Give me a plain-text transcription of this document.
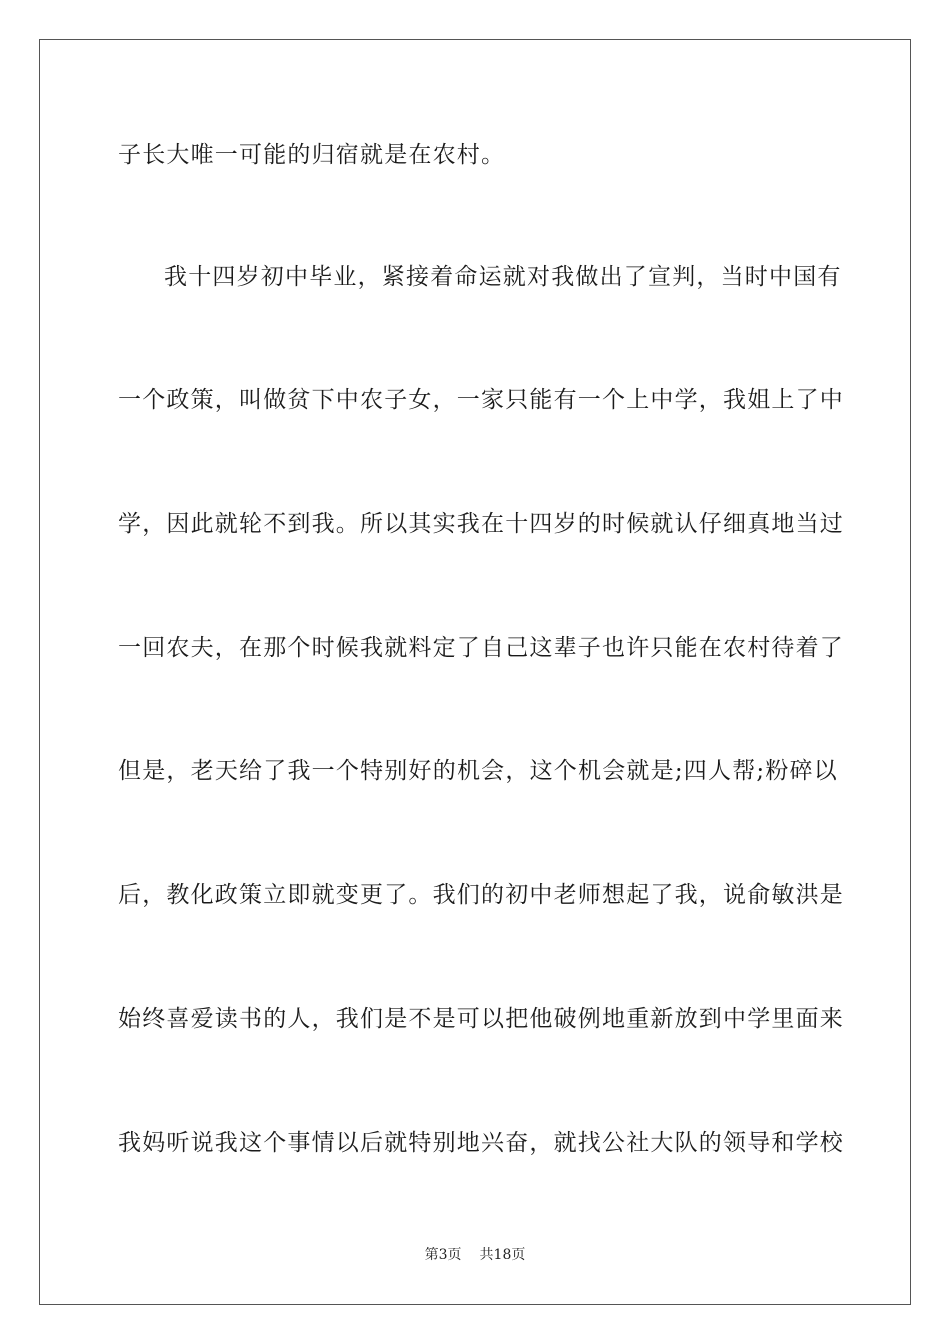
子长大唯一可能的归宿就是在农村。
我十四岁初中毕业，紧接着命运就对我做出了宣判，当时中国有
一个政策，叫做贫下中农子女，一家只能有一个上中学，我姐上了中
学，因此就轮不到我。所以其实我在十四岁的时候就认仔细真地当过
一回农夫，在那个时候我就料定了自己这辈子也许只能在农村待着了
但是，老天给了我一个特别好的机会，这个机会就是;四人帮;粉碎以
后，教化政策立即就变更了。我们的初中老师想起了我，说俞敏洪是
始终喜爱读书的人，我们是不是可以把他破例地重新放到中学里面来
我妈听说我这个事情以后就特别地兴奋，就找公社大队的领导和学校
第3页 共18页
